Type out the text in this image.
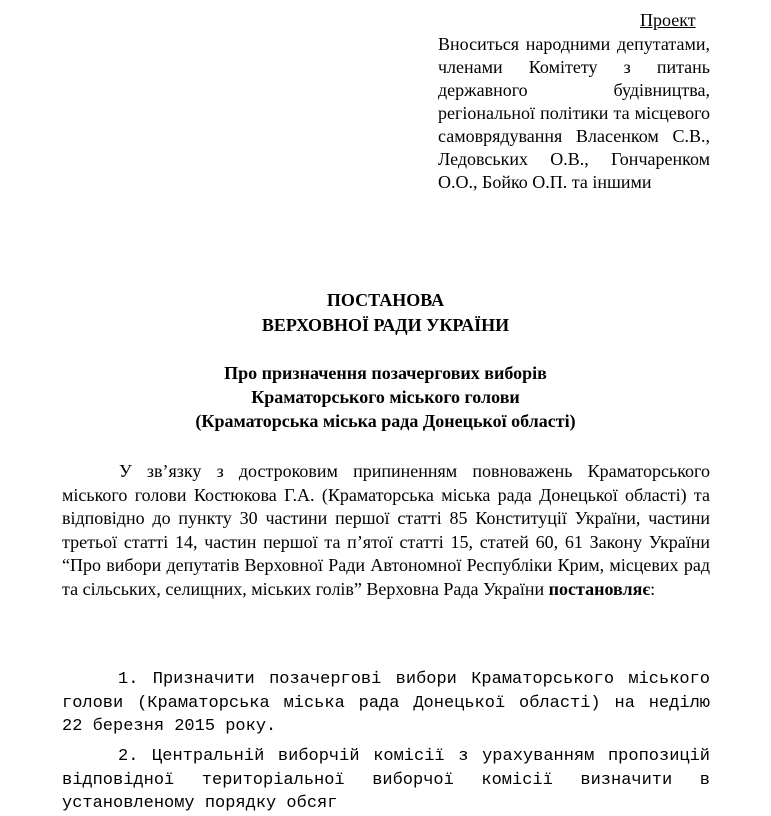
Проект
Вноситься народними депутатами, членами Комітету з питань державного будівництва, регіональної політики та місцевого самоврядування Власенком С.В., Ледовських О.В., Гончаренком О.О., Бойко О.П. та іншими
ПОСТАНОВА
ВЕРХОВНОЇ РАДИ УКРАЇНИ
Про призначення позачергових виборів
Краматорського міського голови
(Краматорська міська рада Донецької області)
У зв’язку з достроковим припиненням повноважень Краматорського міського голови Костюкова Г.А. (Краматорська міська рада Донецької області) та відповідно до пункту 30 частини першої статті 85 Конституції України, частини третьої статті 14, частин першої та п’ятої статті 15, статей 60, 61 Закону України “Про вибори депутатів Верховної Ради Автономної Республіки Крим, місцевих рад та сільських, селищних, міських голів” Верховна Рада України постановляє:
1. Призначити позачергові вибори Краматорського міського голови (Краматорська міська рада Донецької області) на неділю 22 березня 2015 року.
2. Центральній виборчій комісії з урахуванням пропозицій відповідної територіальної виборчої комісії визначити в установленому порядку обсяг
